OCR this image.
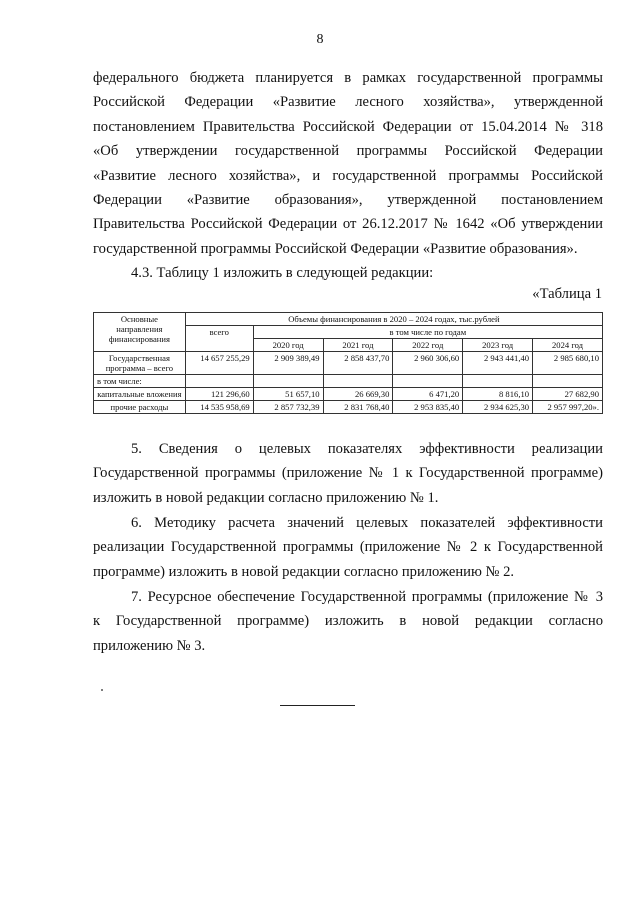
8
федерального бюджета планируется в рамках государственной программы
Российской Федерации «Развитие лесного хозяйства», утвержденной
постановлением Правительства Российской Федерации от 15.04.2014 № 318
«Об утверждении государственной программы Российской Федерации
«Развитие лесного хозяйства», и государственной программы Российской
Федерации «Развитие образования», утвержденной постановлением
Правительства Российской Федерации от 26.12.2017 № 1642 «Об утверждении
государственной программы Российской Федерации «Развитие образования».
4.3. Таблицу 1 изложить в следующей редакции:
«Таблица 1
Основные направления финансирования	Объемы финансирования в 2020 – 2024 годах, тыс.рублей					
	всего	в том числе по годам				
		2020 год	2021 год	2022 год	2023 год	2024 год
Государственная программа – всего	14 657 255,29	2 909 389,49	2 858 437,70	2 960 306,60	2 943 441,40	2 985 680,10
в том числе:						
капитальные вложения	121 296,60	51 657,10	26 669,30	6 471,20	8 816,10	27 682,90
прочие расходы	14 535 958,69	2 857 732,39	2 831 768,40	2 953 835,40	2 934 625,30	2 957 997,20».
5. Сведения о целевых показателях эффективности реализации
Государственной программы (приложение № 1 к Государственной программе)
изложить в новой редакции согласно приложению № 1.
6. Методику расчета значений целевых показателей эффективности
реализации Государственной программы (приложение № 2 к Государственной
программе) изложить в новой редакции согласно приложению № 2.
7. Ресурсное обеспечение Государственной программы (приложение № 3
к Государственной программе) изложить в новой редакции согласно
приложению № 3.
